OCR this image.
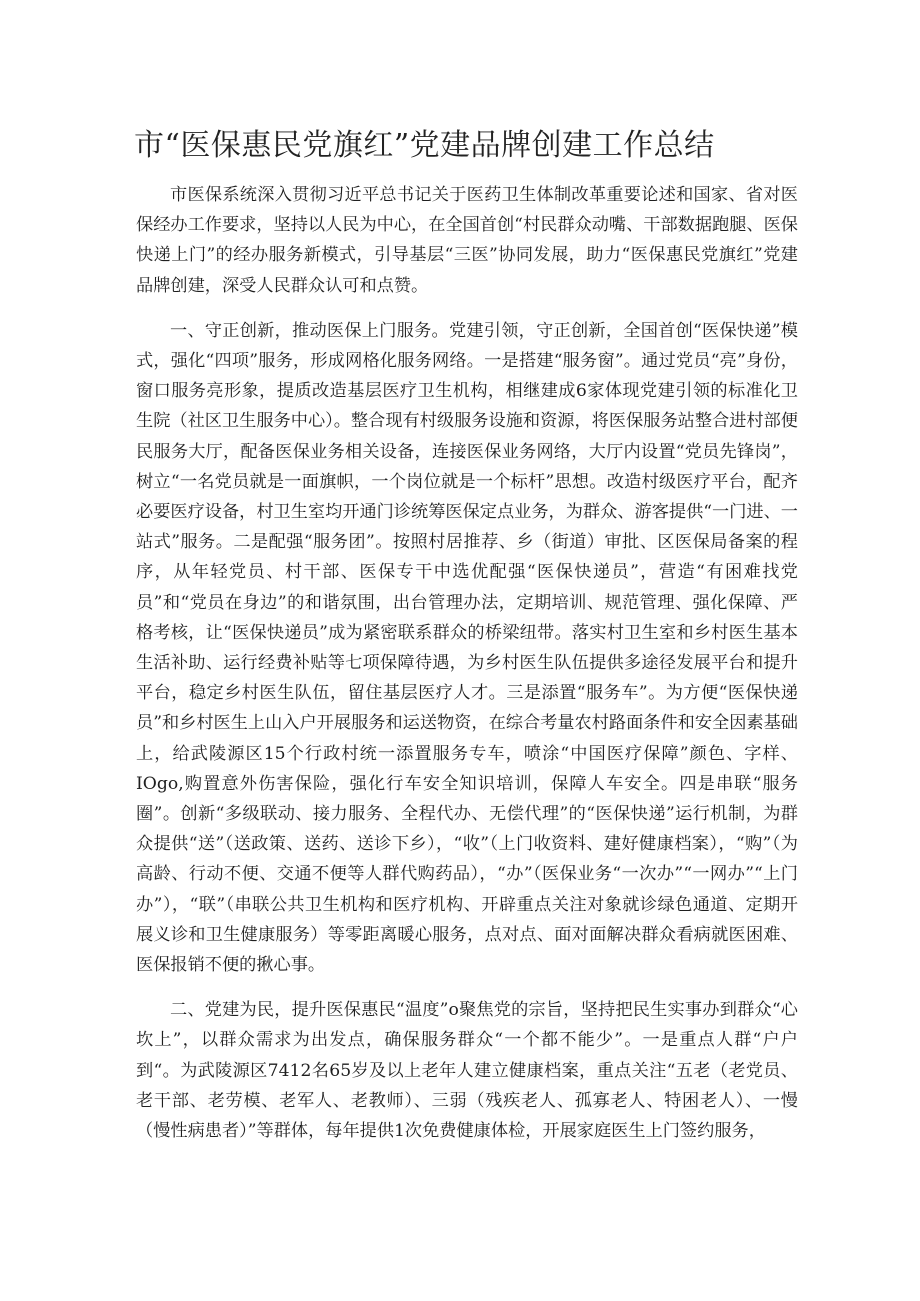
市“医保惠民党旗红”党建品牌创建工作总结

市医保系统深入贯彻习近平总书记关于医药卫生体制改革重要论述和国家、省对医保经办工作要求，坚持以人民为中心，在全国首创“村民群众动嘴、干部数据跑腿、医保快递上门”的经办服务新模式，引导基层“三医”协同发展，助力“医保惠民党旗红”党建品牌创建，深受人民群众认可和点赞。

一、守正创新，推动医保上门服务。党建引领，守正创新，全国首创“医保快递”模式，强化“四项”服务，形成网格化服务网络。一是搭建“服务窗”。通过党员“亮”身份，窗口服务亮形象，提质改造基层医疗卫生机构，相继建成6家体现党建引领的标准化卫生院（社区卫生服务中心）。整合现有村级服务设施和资源，将医保服务站整合进村部便民服务大厅，配备医保业务相关设备，连接医保业务网络，大厅内设置“党员先锋岗”，树立“一名党员就是一面旗帜，一个岗位就是一个标杆”思想。改造村级医疗平台，配齐必要医疗设备，村卫生室均开通门诊统筹医保定点业务，为群众、游客提供“一门进、一站式”服务。二是配强“服务团”。按照村居推荐、乡（街道）审批、区医保局备案的程序，从年轻党员、村干部、医保专干中选优配强“医保快递员”，营造“有困难找党员”和“党员在身边”的和谐氛围，出台管理办法，定期培训、规范管理、强化保障、严格考核，让“医保快递员”成为紧密联系群众的桥梁纽带。落实村卫生室和乡村医生基本生活补助、运行经费补贴等七项保障待遇，为乡村医生队伍提供多途径发展平台和提升平台，稳定乡村医生队伍，留住基层医疗人才。三是添置“服务车”。为方便“医保快递员”和乡村医生上山入户开展服务和运送物资，在综合考量农村路面条件和安全因素基础上，给武陵源区15个行政村统一添置服务专车，喷涂“中国医疗保障”颜色、字样、IOgo,购置意外伤害保险，强化行车安全知识培训，保障人车安全。四是串联“服务圈”。创新“多级联动、接力服务、全程代办、无偿代理”的“医保快递”运行机制，为群众提供“送”（送政策、送药、送诊下乡），“收”（上门收资料、建好健康档案），“购”（为高龄、行动不便、交通不便等人群代购药品），“办”（医保业务“一次办”“一网办”“上门办”），“联”（串联公共卫生机构和医疗机构、开辟重点关注对象就诊绿色通道、定期开展义诊和卫生健康服务）等零距离暖心服务，点对点、面对面解决群众看病就医困难、医保报销不便的揪心事。

二、党建为民，提升医保惠民“温度”o聚焦党的宗旨，坚持把民生实事办到群众“心坎上”，以群众需求为出发点，确保服务群众“一个都不能少”。一是重点人群“户户到“。为武陵源区7412名65岁及以上老年人建立健康档案，重点关注“五老（老党员、老干部、老劳模、老军人、老教师）、三弱（残疾老人、孤寡老人、特困老人）、一慢（慢性病患者）”等群体，每年提供1次免费健康体检，开展家庭医生上门签约服务，
